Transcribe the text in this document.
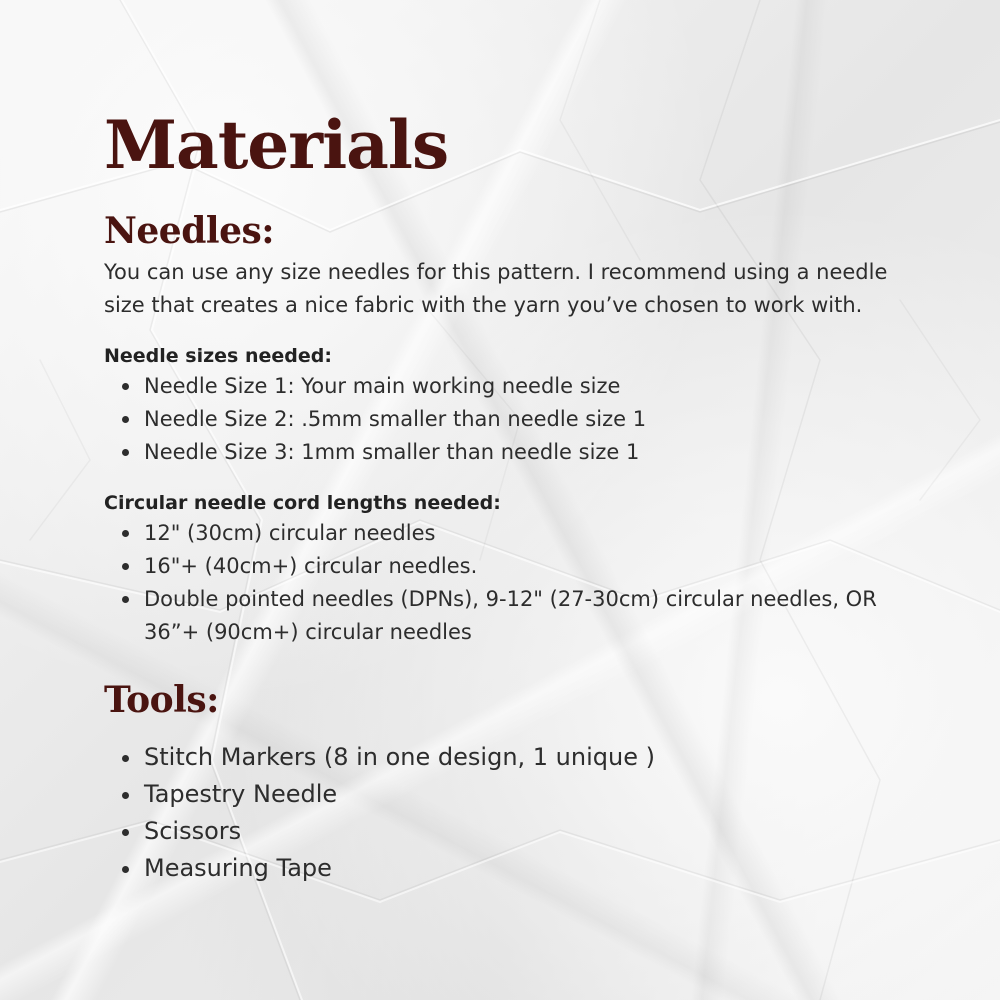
Materials
Needles:

You can use any size needles for this pattern. I recommend using a needle size that creates a nice fabric with the yarn you’ve chosen to work with.

Needle sizes needed:

Needle Size 1: Your main working needle size
Needle Size 2: .5mm smaller than needle size 1
Needle Size 3: 1mm smaller than needle size 1

Circular needle cord lengths needed:

12" (30cm) circular needles
16"+ (40cm+) circular needles.
Double pointed needles (DPNs), 9-12" (27-30cm) circular needles, OR 36”+ (90cm+) circular needles
Tools:
Stitch Markers (8 in one design, 1 unique )
Tapestry Needle
Scissors
Measuring Tape
